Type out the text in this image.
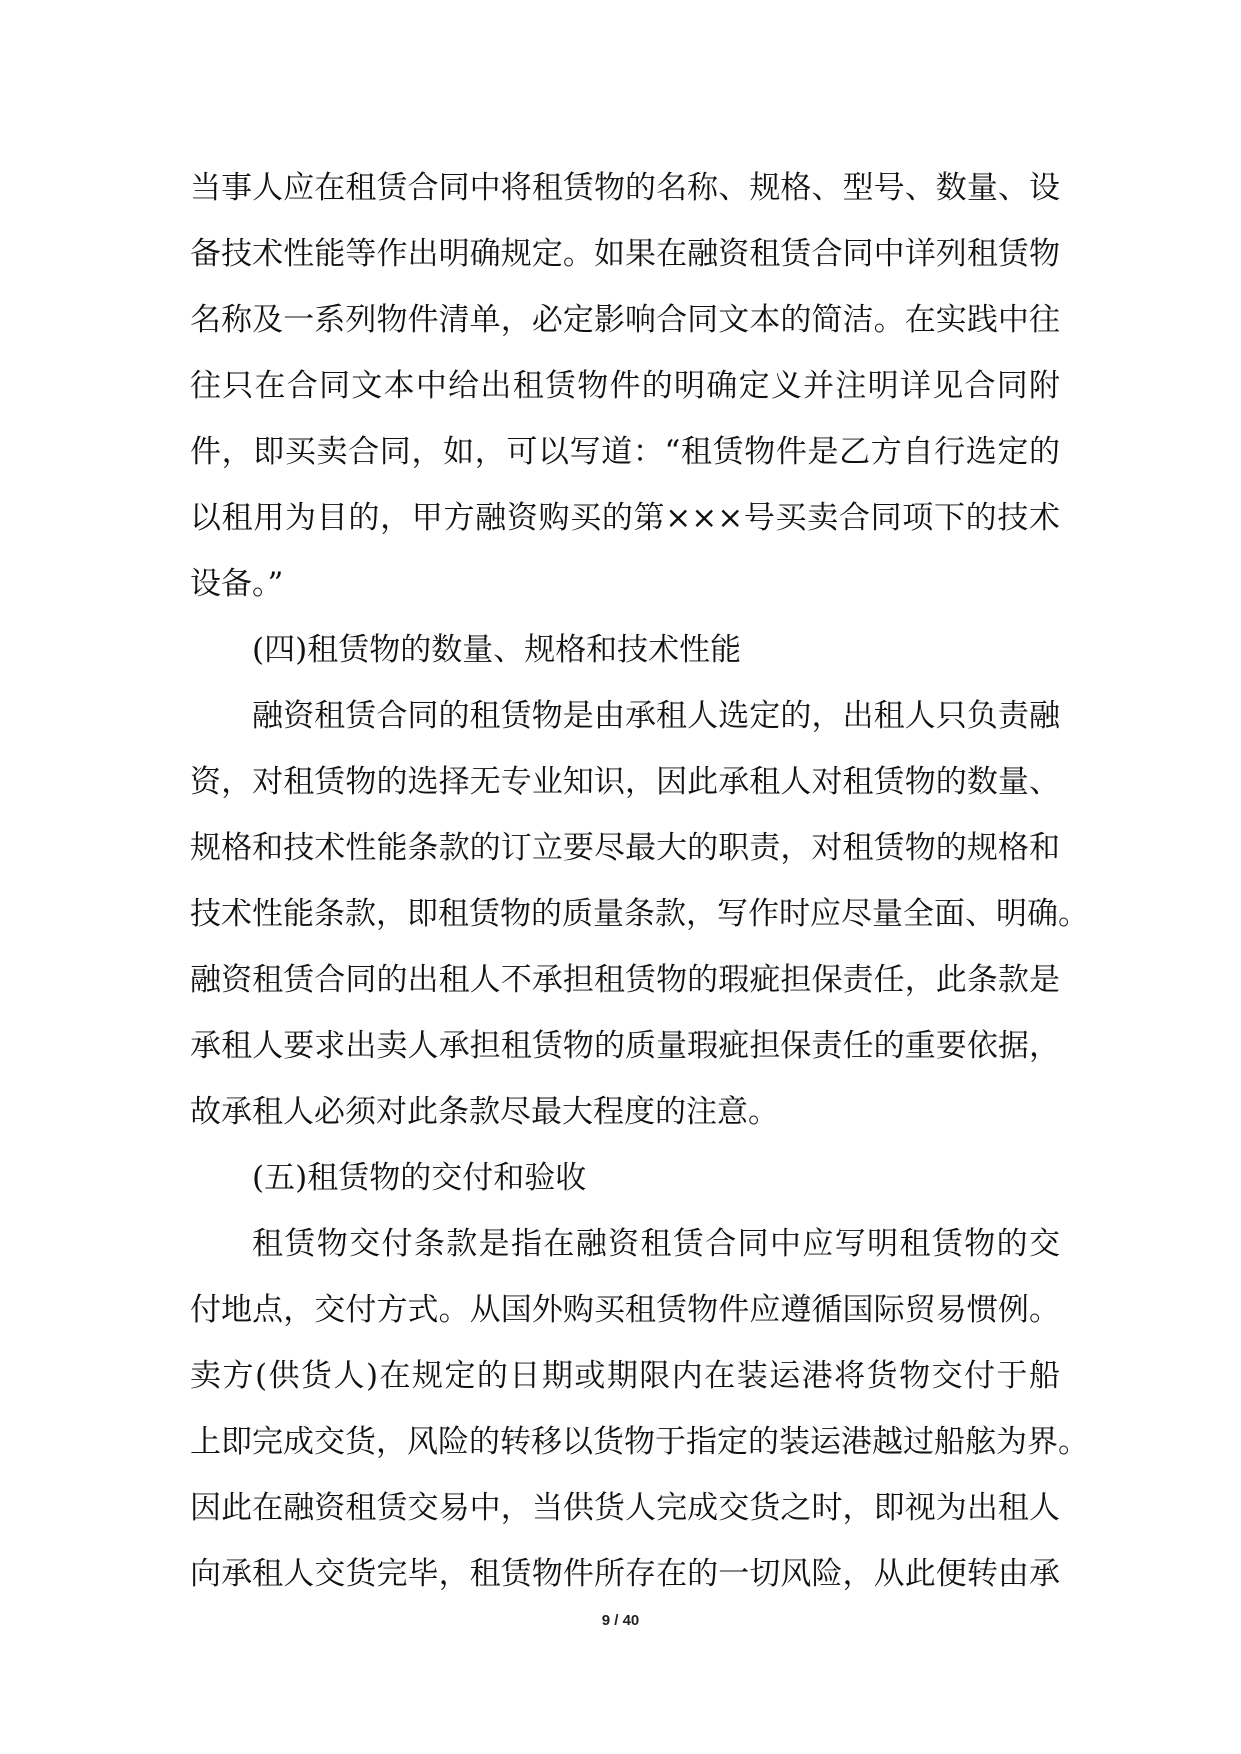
当事人应在租赁合同中将租赁物的名称、规格、型号、数量、设
备技术性能等作出明确规定。如果在融资租赁合同中详列租赁物
名称及一系列物件清单，必定影响合同文本的简洁。在实践中往
往只在合同文本中给出租赁物件的明确定义并注明详见合同附
件，即买卖合同，如，可以写道：“租赁物件是乙方自行选定的
以租用为目的，甲方融资购买的第×××号买卖合同项下的技术
设备。”
(四)租赁物的数量、规格和技术性能
融资租赁合同的租赁物是由承租人选定的，出租人只负责融
资，对租赁物的选择无专业知识，因此承租人对租赁物的数量、
规格和技术性能条款的订立要尽最大的职责，对租赁物的规格和
技术性能条款，即租赁物的质量条款，写作时应尽量全面、明确。
融资租赁合同的出租人不承担租赁物的瑕疵担保责任，此条款是
承租人要求出卖人承担租赁物的质量瑕疵担保责任的重要依据，
故承租人必须对此条款尽最大程度的注意。
(五)租赁物的交付和验收
租赁物交付条款是指在融资租赁合同中应写明租赁物的交
付地点，交付方式。从国外购买租赁物件应遵循国际贸易惯例。
卖方(供货人)在规定的日期或期限内在装运港将货物交付于船
上即完成交货，风险的转移以货物于指定的装运港越过船舷为界。
因此在融资租赁交易中，当供货人完成交货之时，即视为出租人
向承租人交货完毕，租赁物件所存在的一切风险，从此便转由承
9 / 40
